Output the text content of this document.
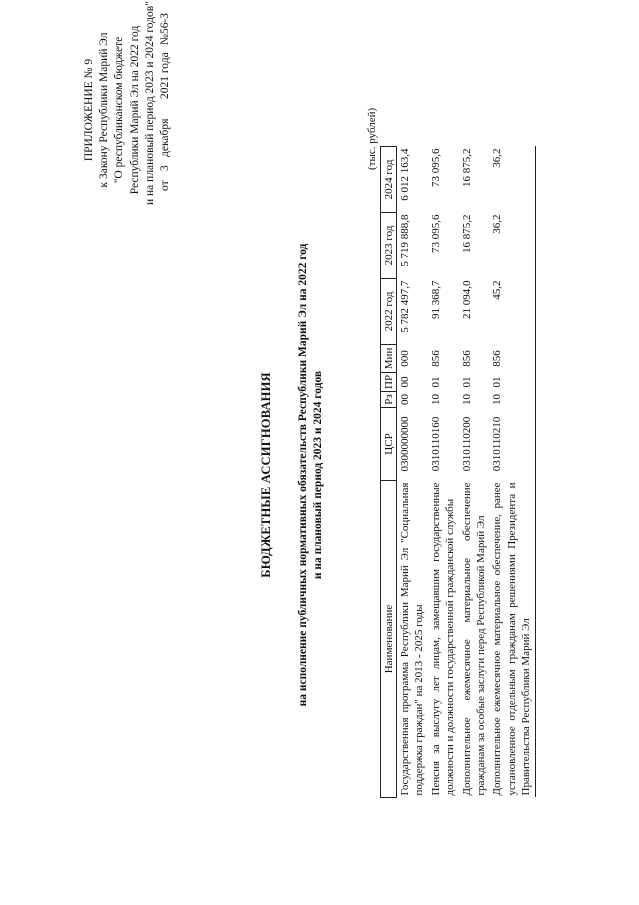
ПРИЛОЖЕНИЕ № 9 к Закону Республики Марий Эл "О республиканском бюджете Республики Марий Эл на 2022 год и на плановый период 2023 и 2024 годов" от
3
декабря
2021 года
№56-З
БЮДЖЕТНЫЕ АССИГНОВАНИЯ на исполнение публичных нормативных обязательств Республики Марий Эл на 2022 год и на плановый период 2023 и 2024 годов
(тыс. рублей)
Наименование	ЦСР	Рз	ПР	Мин	2022 год	2023 год	2024 год
Государственная программа Республики Марий Эл "Социальная поддержка граждан" на 2013 - 2025 годы	0300000000	00	00	000	5 782 497,7	5 719 888,8	6 012 163,4
Пенсия за выслугу лет лицам, замещавшим государственные должности и должности государственной гражданской службы	0310110160	10	01	856	91 368,7	73 095,6	73 095,6
Дополнительное ежемесячное материальное обеспечение гражданам за особые заслуги перед Республикой Марий Эл	0310110200	10	01	856	21 094,0	16 875,2	16 875,2
Дополнительное ежемесячное материальное обеспечение, ранее установленное отдельным гражданам решениями Президента и Правительства Республики Марий Эл	0310110210	10	01	856	45,2	36,2	36,2
